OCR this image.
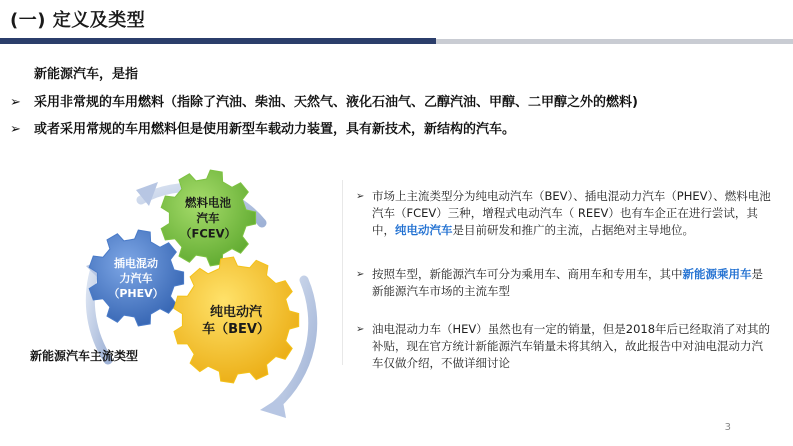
(一) 定义及类型
新能源汽车，是指
➢ 采用非常规的车用燃料（指除了汽油、柴油、天然气、液化石油气、乙醇汽油、甲醇、二甲醇之外的燃料)
➢ 或者采用常规的车用燃料但是使用新型车载动力装置，具有新技术，新结构的汽车。
燃料电池
汽车
（FCEV）
插电混动
力汽车
（PHEV）
纯电动汽
车（BEV）
新能源汽车主流类型
➢ 市场上主流类型分为纯电动汽车（BEV）、插电混动力汽车（PHEV）、燃料电池汽车（FCEV）三种，增程式电动汽车（ REEV）也有车企正在进行尝试，其中，纯电动汽车是目前研发和推广的主流，占据绝对主导地位。
➢ 按照车型，新能源汽车可分为乘用车、商用车和专用车，其中新能源乘用车是新能源汽车市场的主流车型
➢ 油电混动力车（HEV）虽然也有一定的销量，但是2018年后已经取消了对其的补贴，现在官方统计新能源汽车销量未将其纳入，故此报告中对油电混动力汽车仅做介绍，不做详细讨论
3
